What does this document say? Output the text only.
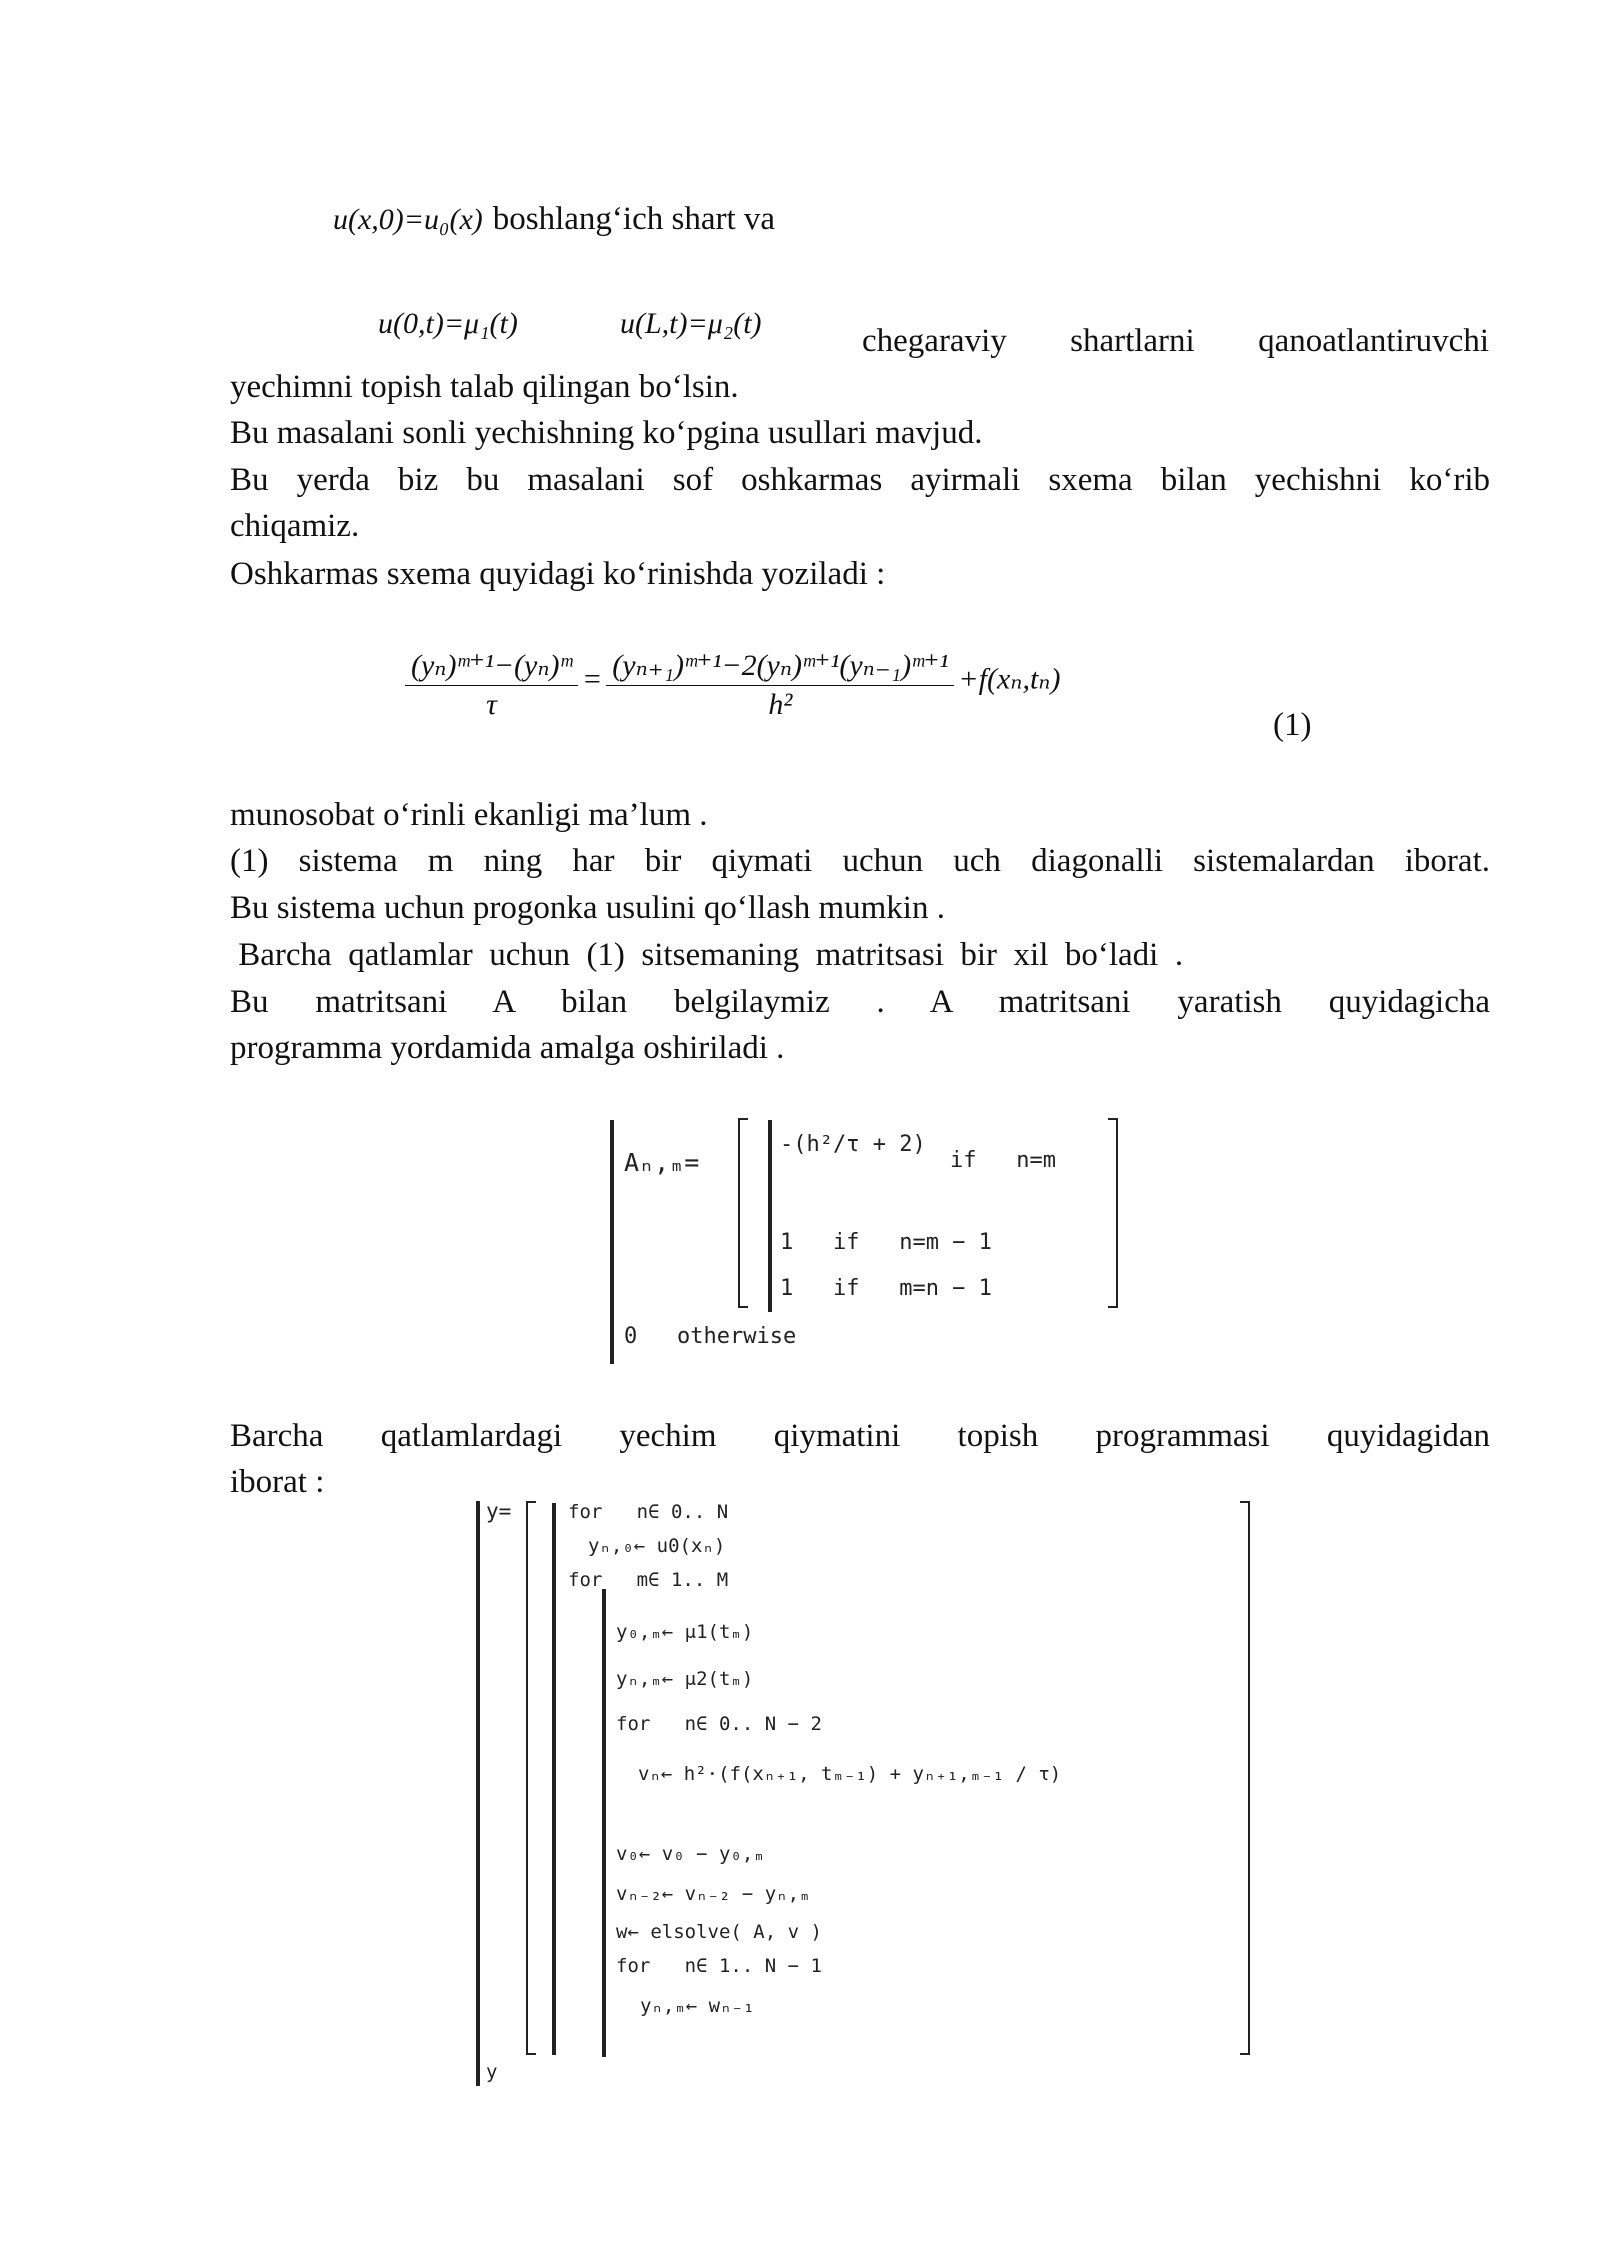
u(x,0)=u₀(x) boshlang‘ich shart va
u(0,t)=μ₁(t)	u(L,t)=μ₂(t)	chegaraviy shartlarni qanoatlantiruvchi
yechimni topish talab qilingan bo‘lsin.
Bu masalani sonli yechishning ko‘pgina usullari mavjud.
Bu yerda biz bu masalani sof oshkarmas ayirmali sxema bilan yechishni ko‘rib
chiqamiz.
Oshkarmas sxema quyidagi ko‘rinishda yoziladi :
$\frac{\text{(yₙ)ᵐ⁺¹−(yₙ)ᵐ}}{\tau} = \frac{\text{(yₙ₊₁)ᵐ⁺¹−2(yₙ)ᵐ⁺¹(yₙ₋₁)ᵐ⁺¹}}{\text{h²}} +f(x_n,t_n)$
(1)
munosobat o‘rinli ekanligi ma’lum .
(1) sistema m ning har bir qiymati uchun uch diagonalli sistemalardan iborat.
Bu sistema uchun progonka usulini qo‘llash mumkin .
Barcha  qatlamlar  uchun  (1)  sitsemaning  matritsasi  bir  xil  bo‘ladi  .
Bu matritsani A bilan belgilaymiz . A matritsani yaratish quyidagicha
programma yordamida amalga oshiriladi .
Aₙ,ₘ=
-(h²/τ + 2)
if   n=m
1   if   n=m − 1
1   if   m=n − 1
0   otherwise
Barcha qatlamlardagi yechim qiymatini topish programmasi quyidagidan
iborat :
y=	for   n∈ 0.. N
yₙ,₀← u0(xₙ)
for   m∈ 1.. M
y₀,ₘ← μ1(tₘ)
yₙ,ₘ← μ2(tₘ)
for   n∈ 0.. N − 2
vₙ← h²·(f(xₙ₊₁, tₘ₋₁) + yₙ₊₁,ₘ₋₁ / τ)
v₀← v₀ − y₀,ₘ
vₙ₋₂← vₙ₋₂ − yₙ,ₘ
w← elsolve( A, v )
for   n∈ 1.. N − 1
yₙ,ₘ← wₙ₋₁
y
